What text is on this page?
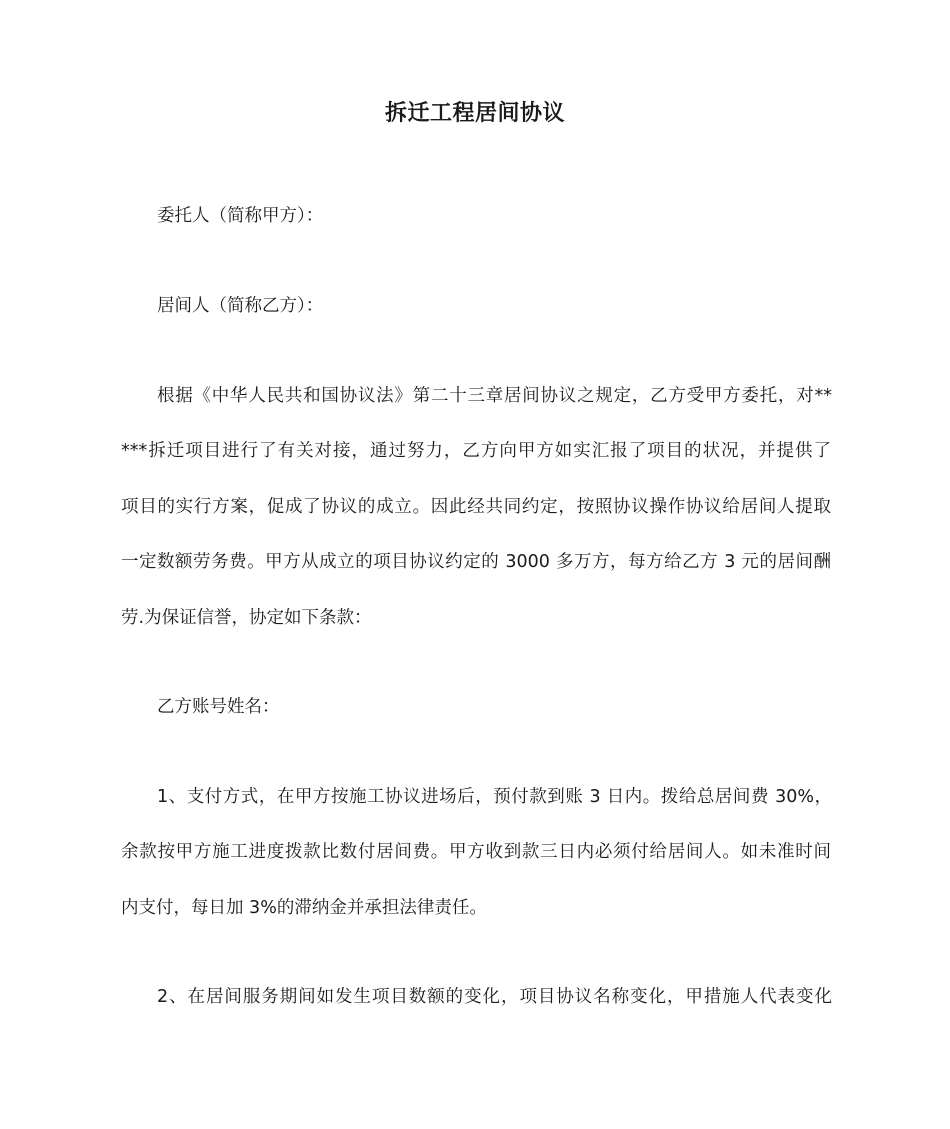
拆迁工程居间协议
委托人（简称甲方）：
居间人（简称乙方）：
根据《中华人民共和国协议法》第二十三章居间协议之规定，乙方受甲方委托，对**
***拆迁项目进行了有关对接，通过努力，乙方向甲方如实汇报了项目的状况，并提供了
项目的实行方案，促成了协议的成立。因此经共同约定，按照协议操作协议给居间人提取
一定数额劳务费。甲方从成立的项目协议约定的 3000 多万方，每方给乙方 3 元的居间酬
劳.为保证信誉，协定如下条款：
乙方账号姓名：
1、支付方式，在甲方按施工协议进场后，预付款到账 3 日内。拨给总居间费 30%，
余款按甲方施工进度拨款比数付居间费。甲方收到款三日内必须付给居间人。如未准时间
内支付，每日加 3%的滞纳金并承担法律责任。
2、在居间服务期间如发生项目数额的变化，项目协议名称变化，甲措施人代表变化
